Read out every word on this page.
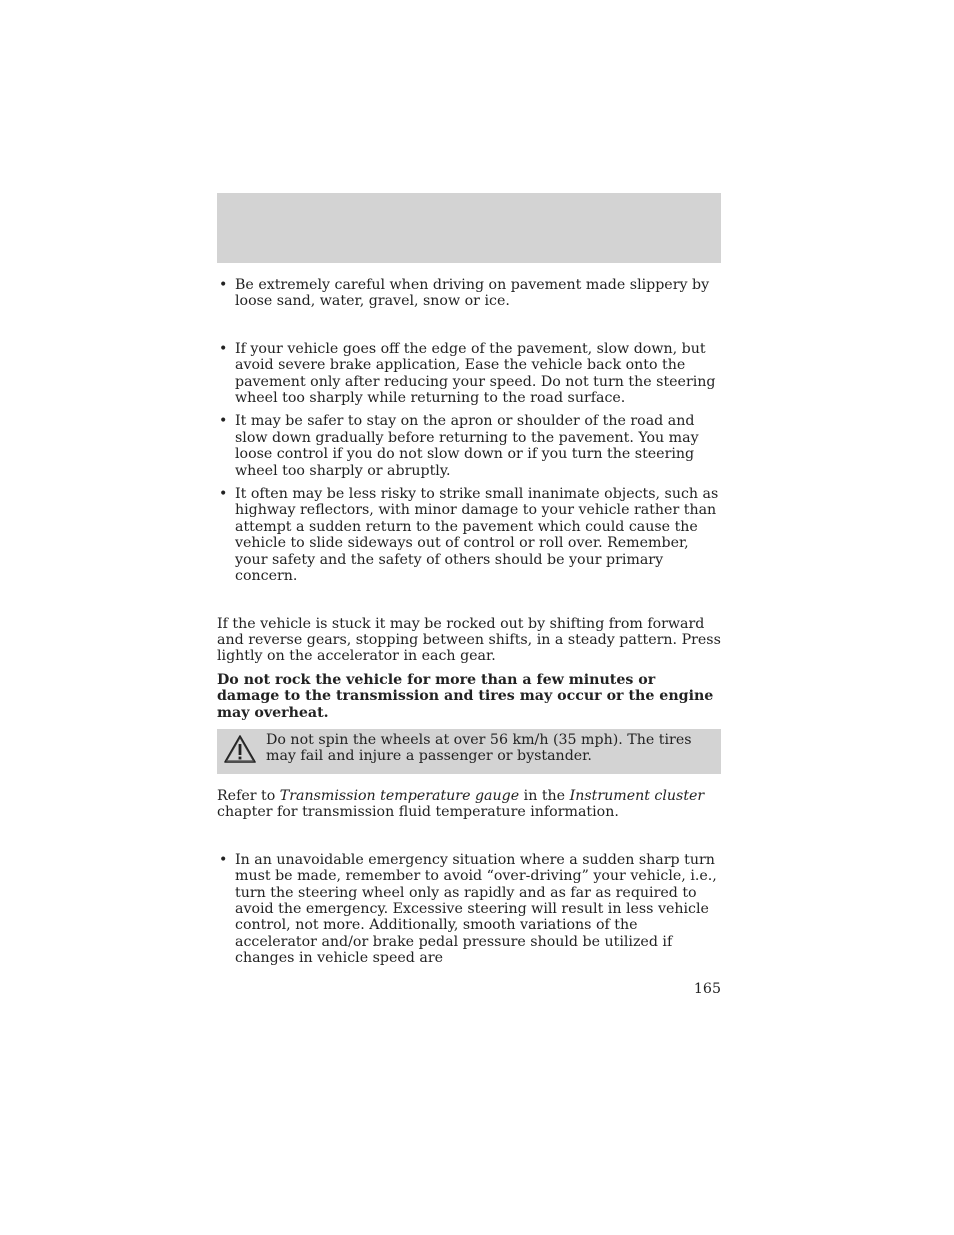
• Be extremely careful when driving on pavement made slippery by loose sand, water, gravel, snow or ice.
• If your vehicle goes off the edge of the pavement, slow down, but avoid severe brake application, Ease the vehicle back onto the pavement only after reducing your speed. Do not turn the steering wheel too sharply while returning to the road surface.
• It may be safer to stay on the apron or shoulder of the road and slow down gradually before returning to the pavement. You may loose control if you do not slow down or if you turn the steering wheel too sharply or abruptly.
• It often may be less risky to strike small inanimate objects, such as highway reflectors, with minor damage to your vehicle rather than attempt a sudden return to the pavement which could cause the vehicle to slide sideways out of control or roll over. Remember, your safety and the safety of others should be your primary concern.

If the vehicle is stuck it may be rocked out by shifting from forward and reverse gears, stopping between shifts, in a steady pattern. Press lightly on the accelerator in each gear.

Do not rock the vehicle for more than a few minutes or damage to the transmission and tires may occur or the engine may overheat.

Do not spin the wheels at over 56 km/h (35 mph). The tires may fail and injure a passenger or bystander.

Refer to Transmission temperature gauge in the Instrument cluster chapter for transmission fluid temperature information.

• In an unavoidable emergency situation where a sudden sharp turn must be made, remember to avoid “over-driving” your vehicle, i.e., turn the steering wheel only as rapidly and as far as required to avoid the emergency. Excessive steering will result in less vehicle control, not more. Additionally, smooth variations of the accelerator and/or brake pedal pressure should be utilized if changes in vehicle speed are
165
